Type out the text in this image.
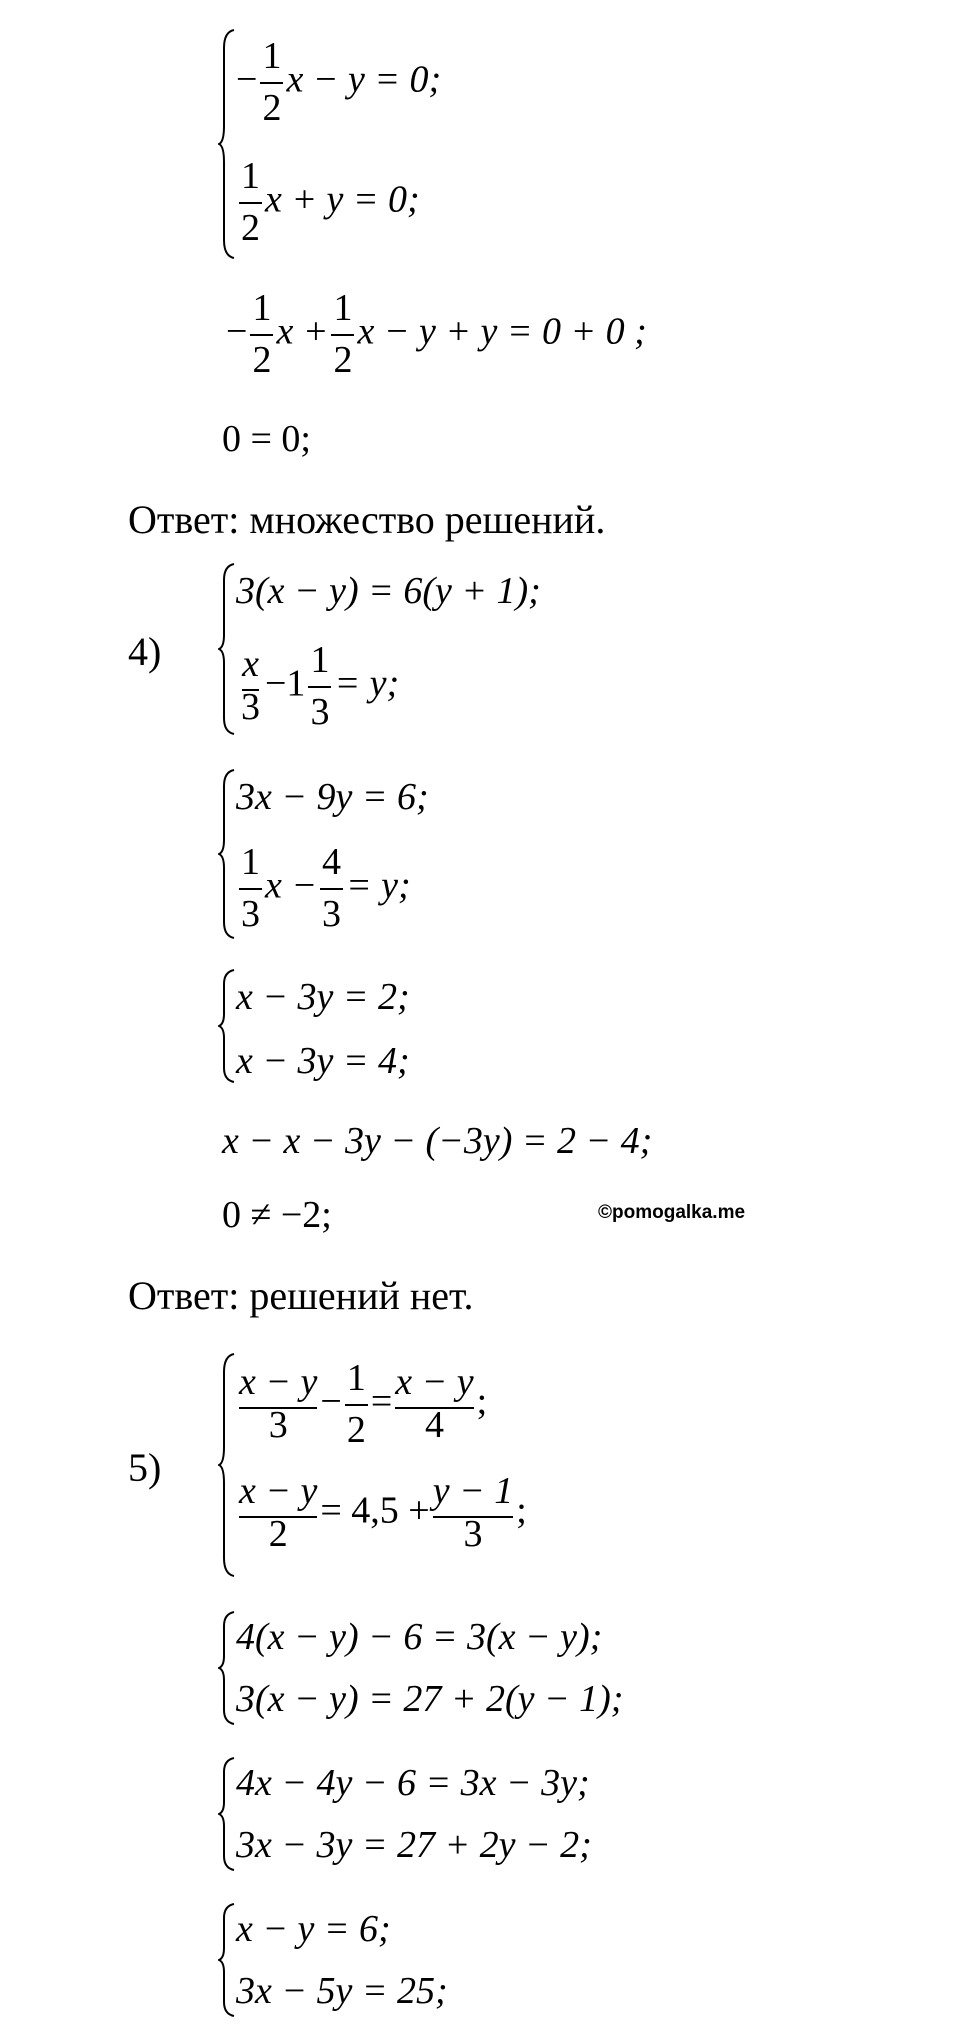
− $\frac{1}{2}$ x − y = 0;
$\frac{1}{2}$ x + y = 0;
− $\frac{1}{2}$ $x + \frac{1}{2}$ x − y + y = 0 + 0 ;
0 = 0;
Ответ: множество решений.
4)
3(x − y) = 6(y + 1);
$\frac{x}{3} -1 \frac{1}{3} = y$;
3x − 9y = 6;
$\frac{1}{3}$ $x - \frac{4}{3} = y$;
x − 3y = 2;
x − 3y = 4;
x − x − 3y − (−3y) = 2 − 4;
0 ≠ −2;	©pomogalka.me
Ответ: решений нет.
5)
$\frac{x - y}{3} - \frac{1}{2} =\frac{x - y}{4}$ ;
$\frac{x - y}{2} = 4,5 +\frac{y - 1}{3}$ ;
4(x − y) − 6 = 3(x − y);
3(x − y) = 27 + 2(y − 1);
4x − 4y − 6 = 3x − 3y;
3x − 3y = 27 + 2y − 2;
x − y = 6;
3x − 5y = 25;
